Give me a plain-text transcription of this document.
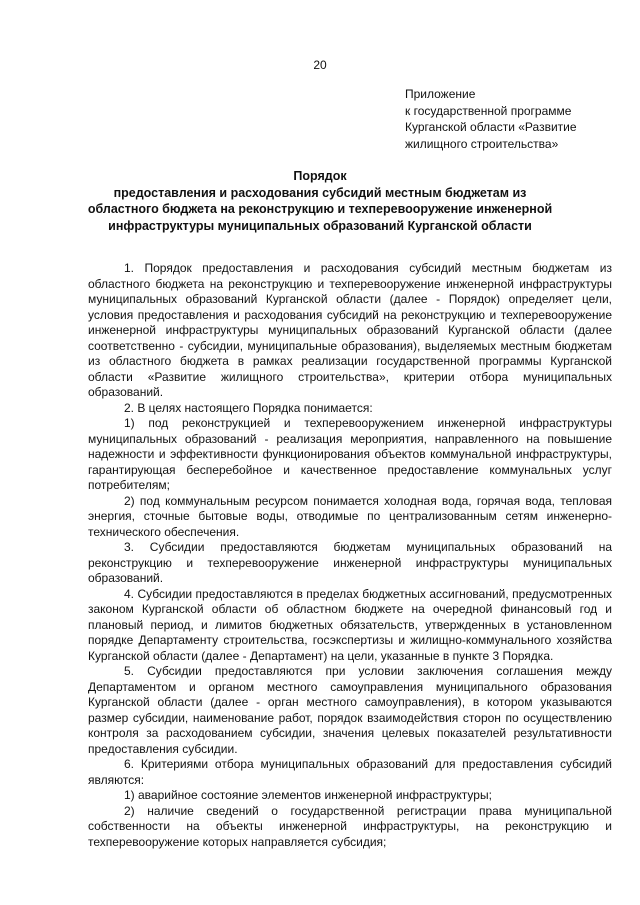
20
Приложение
к государственной программе
Курганской области «Развитие
жилищного строительства»
Порядок
предоставления и расходования субсидий местным бюджетам из
областного бюджета на реконструкцию и техперевооружение инженерной
инфраструктуры муниципальных образований Курганской области

1. Порядок предоставления и расходования субсидий местным бюджетам из областного бюджета на реконструкцию и техперевооружение инженерной инфраструктуры муниципальных образований Курганской области (далее - Порядок) определяет цели, условия предоставления и расходования субсидий на реконструкцию и техперевооружение инженерной инфраструктуры муниципальных образований Курганской области (далее соответственно - субсидии, муниципальные образования), выделяемых местным бюджетам из областного бюджета в рамках реализации государственной программы Курганской области «Развитие жилищного строительства», критерии отбора муниципальных образований.

2. В целях настоящего Порядка понимается:

1) под реконструкцией и техперевооружением инженерной инфраструктуры муниципальных образований - реализация мероприятия, направленного на повышение надежности и эффективности функционирования объектов коммунальной инфраструктуры, гарантирующая бесперебойное и качественное предоставление коммунальных услуг потребителям;

2) под коммунальным ресурсом понимается холодная вода, горячая вода, тепловая энергия, сточные бытовые воды, отводимые по централизованным сетям инженерно-технического обеспечения.

3. Субсидии предоставляются бюджетам муниципальных образований на реконструкцию и техперевооружение инженерной инфраструктуры муниципальных образований.

4. Субсидии предоставляются в пределах бюджетных ассигнований, предусмотренных законом Курганской области об областном бюджете на очередной финансовый год и плановый период, и лимитов бюджетных обязательств, утвержденных в установленном порядке Департаменту строительства, госэкспертизы и жилищно-коммунального хозяйства Курганской области (далее - Департамент) на цели, указанные в пункте 3 Порядка.

5. Субсидии предоставляются при условии заключения соглашения между Департаментом и органом местного самоуправления муниципального образования Курганской области (далее - орган местного самоуправления), в котором указываются размер субсидии, наименование работ, порядок взаимодействия сторон по осуществлению контроля за расходованием субсидии, значения целевых показателей результативности предоставления субсидии.

6. Критериями отбора муниципальных образований для предоставления субсидий являются:

1) аварийное состояние элементов инженерной инфраструктуры;

2) наличие сведений о государственной регистрации права муниципальной собственности на объекты инженерной инфраструктуры, на реконструкцию и техперевооружение которых направляется субсидия;
